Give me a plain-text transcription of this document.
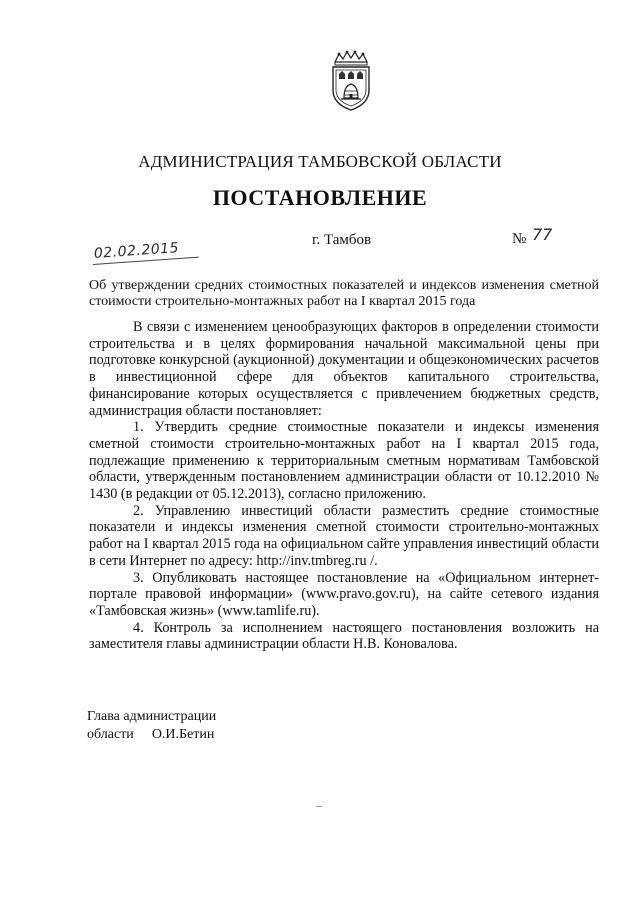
АДМИНИСТРАЦИЯ ТАМБОВСКОЙ ОБЛАСТИ
ПОСТАНОВЛЕНИЕ
02.02.2015
г. Тамбов	№ 77
Об утверждении средних стоимостных показателей и индексов изменения сметной стоимости строительно-монтажных работ на I квартал 2015 года

В связи с изменением ценообразующих факторов в определении стоимости строительства и в целях формирования начальной максимальной цены при подготовке конкурсной (аукционной) документации и общеэкономических расчетов в инвестиционной сфере для объектов капитального строительства, финансирование которых осуществляется с привлечением бюджетных средств, администрация области постановляет:

1. Утвердить средние стоимостные показатели и индексы изменения сметной стоимости строительно-монтажных работ на I квартал 2015 года, подлежащие применению к территориальным сметным нормативам Тамбовской области, утвержденным постановлением администрации области от 10.12.2010 № 1430 (в редакции от 05.12.2013), согласно приложению.

2. Управлению инвестиций области разместить средние стоимостные показатели и индексы изменения сметной стоимости строительно-монтажных работ на I квартал 2015 года на официальном сайте управления инвестиций области в сети Интернет по адресу: http://inv.tmbreg.ru /.

3. Опубликовать настоящее постановление на «Официальном интернет-портале правовой информации» (www.pravo.gov.ru), на сайте сетевого издания «Тамбовская жизнь» (www.tamlife.ru).

4. Контроль за исполнением настоящего постановления возложить на заместителя главы администрации области Н.В. Коновалова.

Глава администрации
области О.И.Бетин
